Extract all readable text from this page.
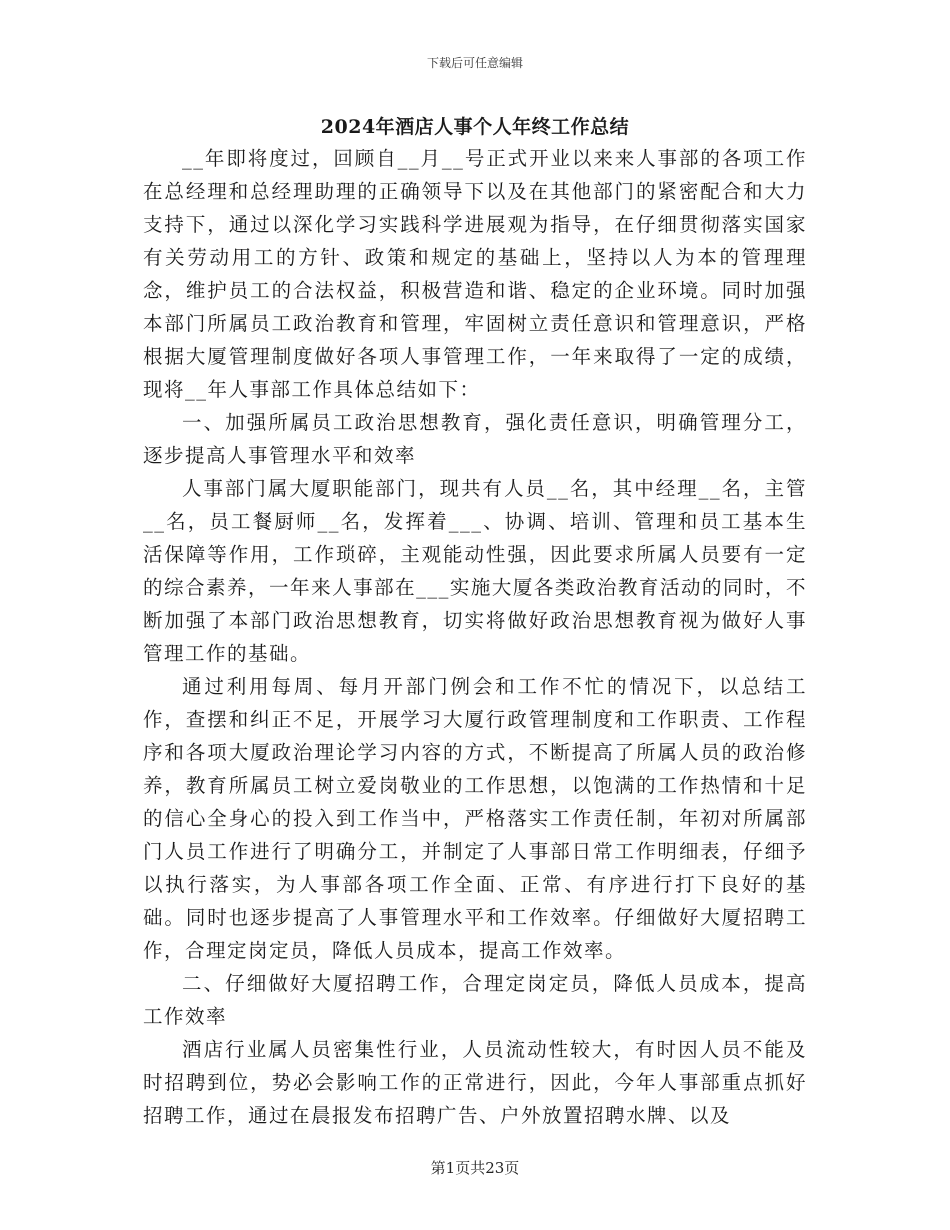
下载后可任意编辑
2024年酒店人事个人年终工作总结

__年即将度过，回顾自__月__号正式开业以来来人事部的各项工作在总经理和总经理助理的正确领导下以及在其他部门的紧密配合和大力支持下，通过以深化学习实践科学进展观为指导，在仔细贯彻落实国家有关劳动用工的方针、政策和规定的基础上，坚持以人为本的管理理念，维护员工的合法权益，积极营造和谐、稳定的企业环境。同时加强本部门所属员工政治教育和管理，牢固树立责任意识和管理意识，严格根据大厦管理制度做好各项人事管理工作，一年来取得了一定的成绩，现将__年人事部工作具体总结如下：

一、加强所属员工政治思想教育，强化责任意识，明确管理分工，逐步提高人事管理水平和效率

人事部门属大厦职能部门，现共有人员__名，其中经理__名，主管__名，员工餐厨师__名，发挥着___、协调、培训、管理和员工基本生活保障等作用，工作琐碎，主观能动性强，因此要求所属人员要有一定的综合素养，一年来人事部在___实施大厦各类政治教育活动的同时，不断加强了本部门政治思想教育，切实将做好政治思想教育视为做好人事管理工作的基础。

通过利用每周、每月开部门例会和工作不忙的情况下，以总结工作，查摆和纠正不足，开展学习大厦行政管理制度和工作职责、工作程序和各项大厦政治理论学习内容的方式，不断提高了所属人员的政治修养，教育所属员工树立爱岗敬业的工作思想，以饱满的工作热情和十足的信心全身心的投入到工作当中，严格落实工作责任制，年初对所属部门人员工作进行了明确分工，并制定了人事部日常工作明细表，仔细予以执行落实，为人事部各项工作全面、正常、有序进行打下良好的基础。同时也逐步提高了人事管理水平和工作效率。仔细做好大厦招聘工作，合理定岗定员，降低人员成本，提高工作效率。

二、仔细做好大厦招聘工作，合理定岗定员，降低人员成本，提高工作效率

酒店行业属人员密集性行业，人员流动性较大，有时因人员不能及时招聘到位，势必会影响工作的正常进行，因此，今年人事部重点抓好招聘工作，通过在晨报发布招聘广告、户外放置招聘水牌、以及

第1页共23页
